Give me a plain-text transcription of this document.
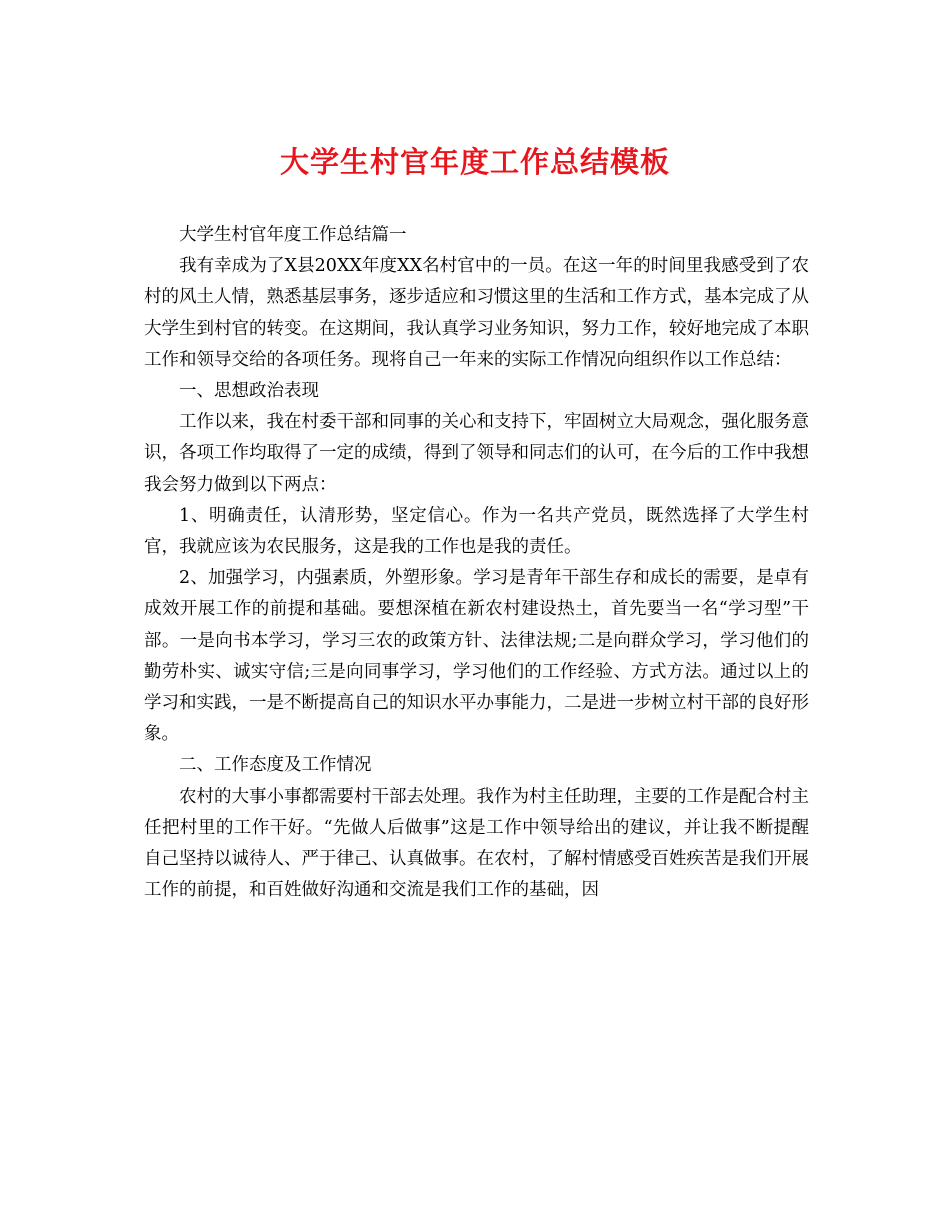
大学生村官年度工作总结模板

大学生村官年度工作总结篇一

我有幸成为了X县20XX年度XX名村官中的一员。在这一年的时间里我感受到了农村的风土人情，熟悉基层事务，逐步适应和习惯这里的生活和工作方式，基本完成了从大学生到村官的转变。在这期间，我认真学习业务知识，努力工作，较好地完成了本职工作和领导交给的各项任务。现将自己一年来的实际工作情况向组织作以工作总结：

一、思想政治表现

工作以来，我在村委干部和同事的关心和支持下，牢固树立大局观念，强化服务意识，各项工作均取得了一定的成绩，得到了领导和同志们的认可，在今后的工作中我想我会努力做到以下两点：

1、明确责任，认清形势，坚定信心。作为一名共产党员，既然选择了大学生村官，我就应该为农民服务，这是我的工作也是我的责任。

2、加强学习，内强素质，外塑形象。学习是青年干部生存和成长的需要，是卓有成效开展工作的前提和基础。要想深植在新农村建设热土，首先要当一名“学习型”干部。一是向书本学习，学习三农的政策方针、法律法规;二是向群众学习，学习他们的勤劳朴实、诚实守信;三是向同事学习，学习他们的工作经验、方式方法。通过以上的学习和实践，一是不断提高自己的知识水平办事能力，二是进一步树立村干部的良好形象。

二、工作态度及工作情况

农村的大事小事都需要村干部去处理。我作为村主任助理，主要的工作是配合村主任把村里的工作干好。“先做人后做事”这是工作中领导给出的建议，并让我不断提醒自己坚持以诚待人、严于律己、认真做事。在农村，了解村情感受百姓疾苦是我们开展工作的前提，和百姓做好沟通和交流是我们工作的基础，因
